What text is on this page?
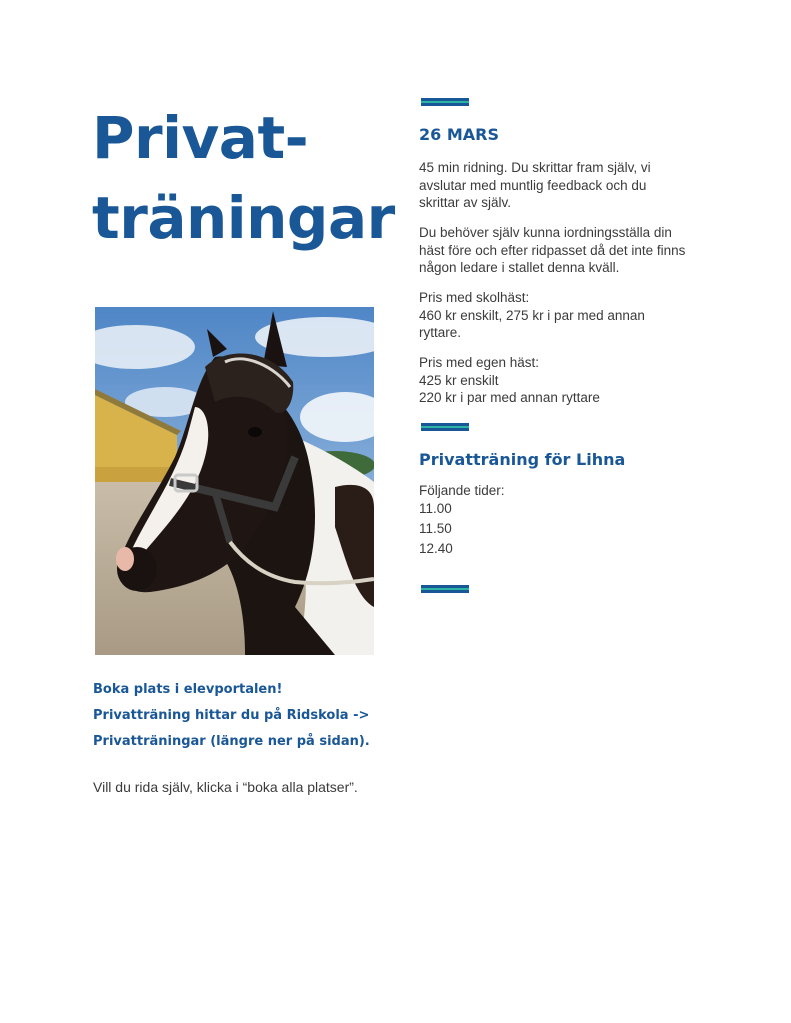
Privat-
träningar
Boka plats i elevportalen!
Privatträning hittar du på Ridskola ->
Privatträningar (längre ner på sidan).
Vill du rida själv, klicka i “boka alla platser”.
26 MARS
45 min ridning. Du skrittar fram själv, vi
avslutar med muntlig feedback och du
skrittar av själv.
Du behöver själv kunna iordningsställa din
häst före och efter ridpasset då det inte finns
någon ledare i stallet denna kväll.
Pris med skolhäst:
460 kr enskilt, 275 kr i par med annan
ryttare.
Pris med egen häst:
425 kr enskilt
220 kr i par med annan ryttare
Privatträning för Lihna
Följande tider:
11.00
11.50
12.40
